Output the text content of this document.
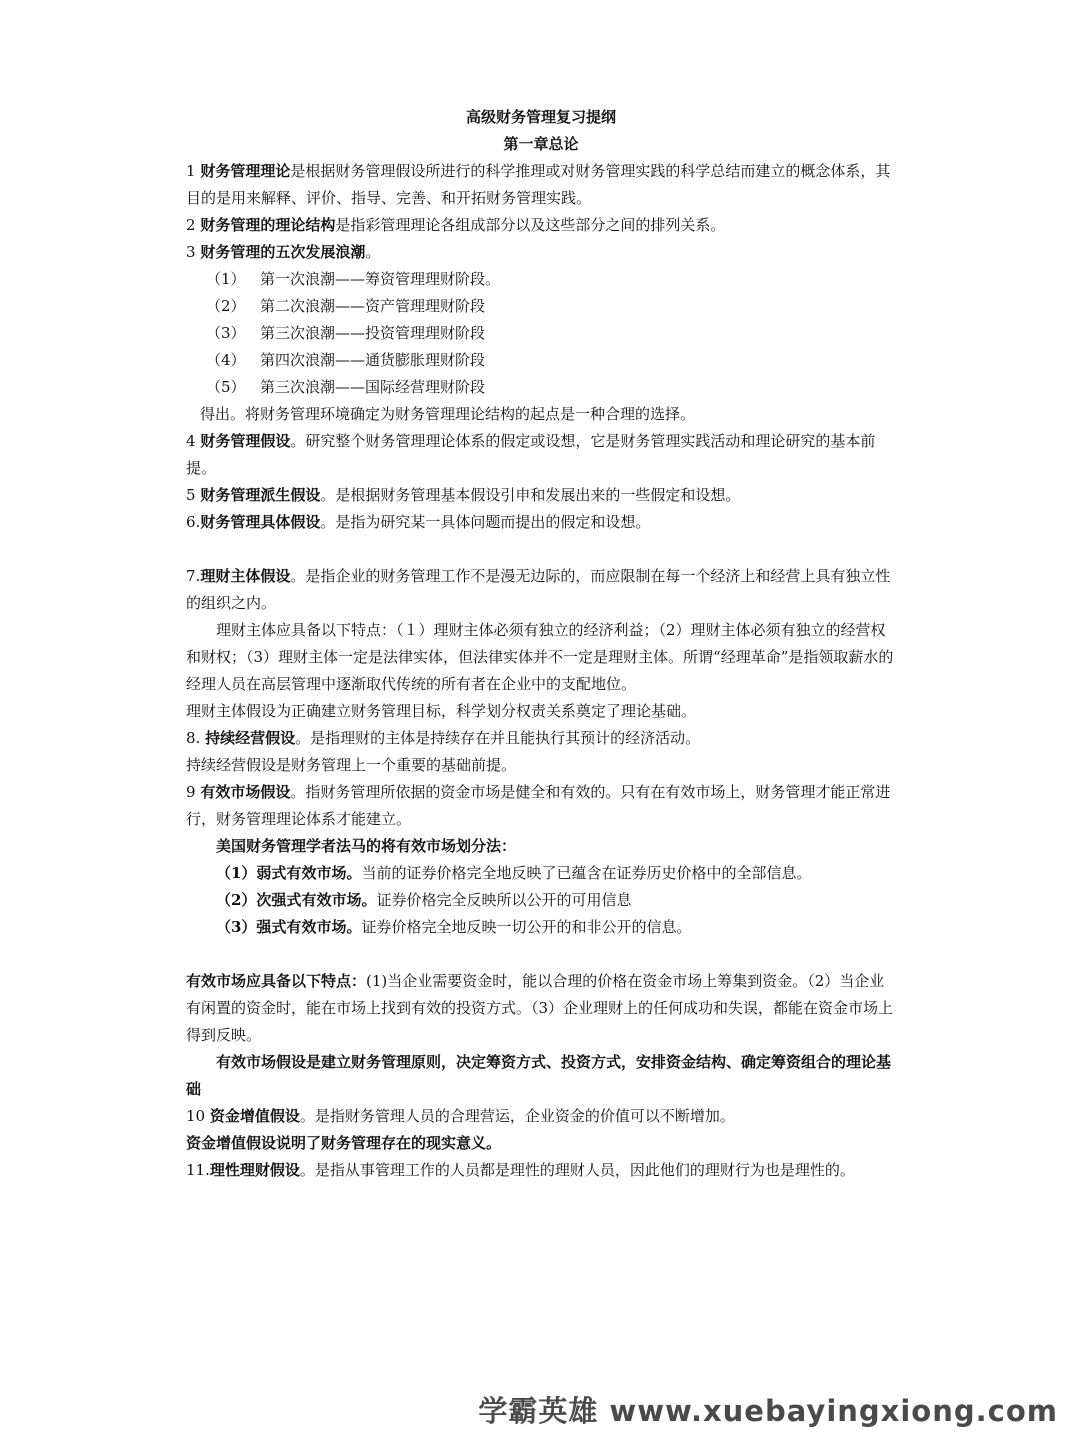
高级财务管理复习提纲

第一章总论

1 财务管理理论是根据财务管理假设所进行的科学推理或对财务管理实践的科学总结而建立的概念体系，其目的是用来解释、评价、指导、完善、和开拓财务管理实践。

2 财务管理的理论结构是指彩管理理论各组成部分以及这些部分之间的排列关系。

3 财务管理的五次发展浪潮。

（1） 第一次浪潮——筹资管理理财阶段。
（2） 第二次浪潮——资产管理理财阶段
（3） 第三次浪潮——投资管理理财阶段
（4） 第四次浪潮——通货膨胀理财阶段
（5） 第三次浪潮——国际经营理财阶段

得出。将财务管理环境确定为财务管理理论结构的起点是一种合理的选择。

4 财务管理假设。研究整个财务管理理论体系的假定或设想，它是财务管理实践活动和理论研究的基本前提。

5 财务管理派生假设。是根据财务管理基本假设引申和发展出来的一些假定和设想。

6.财务管理具体假设。是指为研究某一具体问题而提出的假定和设想。

7.理财主体假设。是指企业的财务管理工作不是漫无边际的，而应限制在每一个经济上和经营上具有独立性的组织之内。

理财主体应具备以下特点：（１）理财主体必须有独立的经济利益；（2）理财主体必须有独立的经营权和财权；（3）理财主体一定是法律实体，但法律实体并不一定是理财主体。所谓“经理革命”是指领取薪水的经理人员在高层管理中逐渐取代传统的所有者在企业中的支配地位。

理财主体假设为正确建立财务管理目标，科学划分权责关系奠定了理论基础。

8. 持续经营假设。是指理财的主体是持续存在并且能执行其预计的经济活动。

持续经营假设是财务管理上一个重要的基础前提。

9 有效市场假设。指财务管理所依据的资金市场是健全和有效的。只有在有效市场上，财务管理才能正常进行，财务管理理论体系才能建立。

美国财务管理学者法马的将有效市场划分法：

（1）弱式有效市场。当前的证券价格完全地反映了已蕴含在证券历史价格中的全部信息。

（2）次强式有效市场。证券价格完全反映所以公开的可用信息

（3）强式有效市场。证券价格完全地反映一切公开的和非公开的信息。

有效市场应具备以下特点：(1)当企业需要资金时，能以合理的价格在资金市场上筹集到资金。（2）当企业有闲置的资金时，能在市场上找到有效的投资方式。（3）企业理财上的任何成功和失误，都能在资金市场上得到反映。

有效市场假设是建立财务管理原则，决定筹资方式、投资方式，安排资金结构、确定筹资组合的理论基础

10 资金增值假设。是指财务管理人员的合理营运，企业资金的价值可以不断增加。

资金增值假设说明了财务管理存在的现实意义。

11.理性理财假设。是指从事管理工作的人员都是理性的理财人员，因此他们的理财行为也是理性的。

学霸英雄 www.xuebayingxiong.com
